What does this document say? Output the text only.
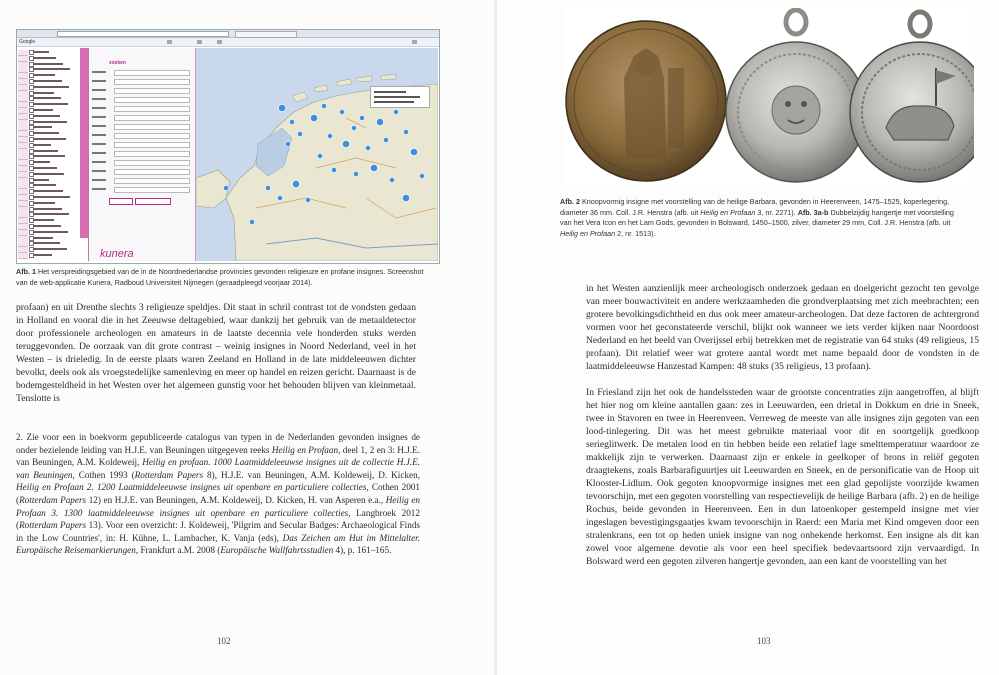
Google
zoeken
kunera

Afb. 1 Het verspreidingsgebied van de in de Noordnederlandse provincies gevonden religieuze en profane insignes. Screenshot van de web-applicatie Kunera, Radboud Universiteit Nijmegen (geraadpleegd voorjaar 2014).

profaan) en uit Drenthe slechts 3 religieuze speldjes. Dit staat in schril contrast tot de vondsten gedaan in Holland en vooral die in het Zeeuwse deltagebied, waar dankzij het gebruik van de metaaldetector door professionele archeologen en amateurs in de laatste decennia vele honderden stuks werden teruggevonden. De oorzaak van dit grote contrast – weinig insignes in Noord Nederland, veel in het Westen – is drieledig. In de eerste plaats waren Zeeland en Holland in de late middeleeuwen dichter bevolkt, deels ook als vroegstedelijke samenleving en meer op handel en reizen gericht. Daarnaast is de bodemgesteldheid in het Westen over het algemeen gunstig voor het behouden blijven van kleinmetaal. Tenslotte is

2. Zie voor een in boekvorm gepubliceerde catalogus van typen in de Nederlanden gevonden insignes de onder bezielende leiding van H.J.E. van Beuningen uitgegeven reeks Heilig en Profaan, deel 1, 2 en 3: H.J.E. van Beuningen, A.M. Koldeweij, Heilig en profaan. 1000 Laatmiddeleeuwse insignes uit de collectie H.J.E. van Beuningen, Cothen 1993 (Rotterdam Papers 8), H.J.E. van Beuningen, A.M. Koldeweij, D. Kicken, Heilig en Profaan 2. 1200 Laatmiddeleeuwse insignes uit openbare en particuliere collecties, Cothen 2001 (Rotterdam Papers 12) en H.J.E. van Beuningen, A.M. Koldeweij, D. Kicken, H. van Asperen e.a., Heilig en Profaan 3. 1300 laatmiddeleeuwse insignes uit openbare en particuliere collecties, Langbroek 2012 (Rotterdam Papers 13). Voor een overzicht: J. Koldeweij, 'Pilgrim and Secular Badges: Archaeological Finds in the Low Countries', in: H. Kühne, L. Lambacher, K. Vanja (eds), Das Zeichen am Hut im Mittelalter. Europäische Reisemarkierungen, Frankfurt a.M. 2008 (Europäische Wallfahrtsstudien 4), p. 161–165.

102

Afb. 2 Knoopvormig insigne met voorstelling van de heilige Barbara, gevonden in Heerenveen, 1475–1525, koperlegering, diameter 36 mm. Coll. J.R. Henstra (afb. uit Heilig en Profaan 3, nr. 2271). Afb. 3a-b Dubbelzijdig hangertje met voorstelling van het Vera Icon en het Lam Gods, gevonden in Bolsward, 1450–1500, zilver, diameter 29 mm, Coll. J.R. Henstra (afb. uit Heilig en Profaan 2, nr. 1513).

in het Westen aanzienlijk meer archeologisch onderzoek gedaan en doelgericht gezocht ten gevolge van meer bouwactiviteit en andere werkzaamheden die grondverplaatsing met zich meebrachten; een grotere bevolkingsdichtheid en dus ook meer amateur-archeologen. Dat deze factoren de achtergrond vormen voor het geconstateerde verschil, blijkt ook wanneer we iets verder kijken naar Noordoost Nederland en het beeld van Overijssel erbij betrekken met de registratie van 64 stuks (49 religieus, 15 profaan). Dit relatief weer wat grotere aantal wordt met name bepaald door de vondsten in de laatmiddeleeuwse Hanzestad Kampen: 48 stuks (35 religieus, 13 profaan).

In Friesland zijn het ook de handelssteden waar de grootste concentraties zijn aangetroffen, al blijft het hier nog om kleine aantallen gaan: zes in Leeuwarden, een drietal in Dokkum en drie in Sneek, twee in Stavoren en twee in Heerenveen. Verreweg de meeste van alle insignes zijn gegoten van een lood-tinlegering. Dit was het meest gebruikte materiaal voor dit en soortgelijk goedkoop serieglitwerk. De metalen lood en tin hebben beide een relatief lage smelttemperatuur waardoor ze makkelijk zijn te verwerken. Daarnaast zijn er enkele in geelkoper of brons in reliëf gegoten draagtekens, zoals Barbarafiguurtjes uit Leeuwarden en Sneek, en de personificatie van de Hoop uit Klooster-Lidlum. Ook gegoten knoopvormige insignes met een glad gepolijste voorzijde kwamen tevoorschijn, met een gegoten voorstelling van respectievelijk de heilige Barbara (afb. 2) en de heilige Rochus, beide gevonden in Heerenveen. Een in dun latoenkoper gestempeld insigne met vier ingeslagen bevestigingsgaatjes kwam tevoorschijn in Raerd: een Maria met Kind omgeven door een stralenkrans, een tot op heden uniek insigne van nog onbekende herkomst. Een insigne als dit kan zowel voor algemene devotie als voor een heel specifiek bedevaartsoord zijn vervaardigd. In Bolsward werd een gegoten zilveren hangertje gevonden, aan een kant de voorstelling van het

103
